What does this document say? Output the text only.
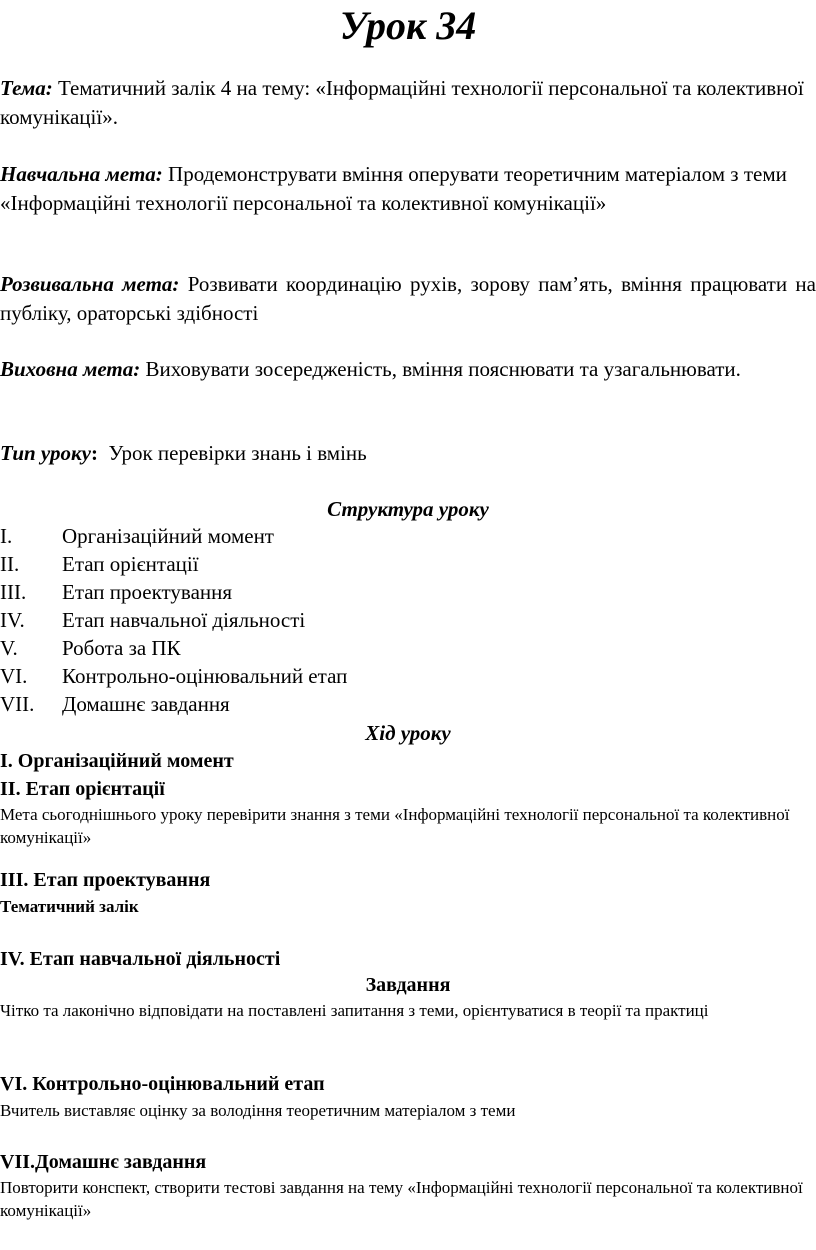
Урок 34

Тема: Тематичний залік 4 на тему: «Інформаційні технології персональної та колективної комунікації».

Навчальна мета: Продемонструвати вміння оперувати теоретичним матеріалом з теми «Інформаційні технології персональної та колективної комунікації»

Розвивальна мета: Розвивати координацію рухів, зорову пам’ять, вміння працювати на публіку, ораторські здібності

Виховна мета: Виховувати зосередженість, вміння пояснювати та узагальнювати.

Тип уроку: Урок перевірки знань і вмінь

Структура уроку
I. Організаційний момент
II. Етап орієнтації
III. Етап проектування
IV. Етап навчальної діяльності
V. Робота за ПК
VI. Контрольно-оцінювальний етап
VII. Домашнє завдання
Хід уроку
I. Організаційний момент
II. Етап орієнтації

Мета сьогоднішнього уроку перевірити знання з теми «Інформаційні технології персональної та колективної комунікації»

III. Етап проектування
Тематичний залік
IV. Етап навчальної діяльності
Завдання

Чітко та лаконічно відповідати на поставлені запитання з теми, орієнтуватися в теорії та практиці

VI. Контрольно-оцінювальний етап

Вчитель виставляє оцінку за володіння теоретичним матеріалом з теми

VII.Домашнє завдання

Повторити конспект, створити тестові завдання на тему «Інформаційні технології персональної та колективної комунікації»
